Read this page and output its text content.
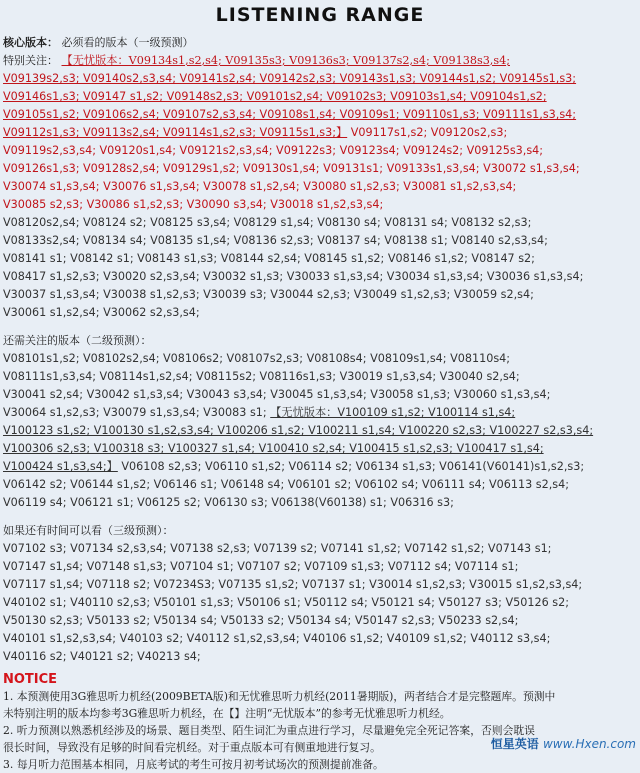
LISTENING RANGE
核心版本： 必须看的版本（一级预测）
特别关注： 【无忧版本：V09134s1,s2,s4; V09135s3; V09136s3; V09137s2,s4; V09138s3,s4;
V09139s2,s3; V09140s2,s3,s4; V09141s2,s4; V09142s2,s3; V09143s1,s3; V09144s1,s2; V09145s1,s3;
V09146s1,s3; V09147 s1,s2; V09148s2,s3; V09101s2,s4; V09102s3; V09103s1,s4; V09104s1,s2;
V09105s1,s2; V09106s2,s4; V09107s2,s3,s4; V09108s1,s4; V09109s1; V09110s1,s3; V09111s1,s3,s4;
V09112s1,s3; V09113s2,s4; V09114s1,s2,s3; V09115s1,s3;】 V09117s1,s2; V09120s2,s3;
V09119s2,s3,s4; V09120s1,s4; V09121s2,s3,s4; V09122s3; V09123s4; V09124s2; V09125s3,s4;
V09126s1,s3; V09128s2,s4; V09129s1,s2; V09130s1,s4; V09131s1; V09133s1,s3,s4; V30072 s1,s3,s4;
V30074 s1,s3,s4; V30076 s1,s3,s4; V30078 s1,s2,s4; V30080 s1,s2,s3; V30081 s1,s2,s3,s4;
V30085 s2,s3; V30086 s1,s2,s3; V30090 s3,s4; V30018 s1,s2,s3,s4;
V08120s2,s4; V08124 s2; V08125 s3,s4; V08129 s1,s4; V08130 s4; V08131 s4; V08132 s2,s3;
V08133s2,s4; V08134 s4; V08135 s1,s4; V08136 s2,s3; V08137 s4; V08138 s1; V08140 s2,s3,s4;
V08141 s1; V08142 s1; V08143 s1,s3; V08144 s2,s4; V08145 s1,s2; V08146 s1,s2; V08147 s2;
V08417 s1,s2,s3; V30020 s2,s3,s4; V30032 s1,s3; V30033 s1,s3,s4; V30034 s1,s3,s4; V30036 s1,s3,s4;
V30037 s1,s3,s4; V30038 s1,s2,s3; V30039 s3; V30044 s2,s3; V30049 s1,s2,s3; V30059 s2,s4;
V30061 s1,s2,s4; V30062 s2,s3,s4;
还需关注的版本（二级预测）：
V08101s1,s2; V08102s2,s4; V08106s2; V08107s2,s3; V08108s4; V08109s1,s4; V08110s4;
V08111s1,s3,s4; V08114s1,s2,s4; V08115s2; V08116s1,s3; V30019 s1,s3,s4; V30040 s2,s4;
V30041 s2,s4; V30042 s1,s3,s4; V30043 s3,s4; V30045 s1,s3,s4; V30058 s1,s3; V30060 s1,s3,s4;
V30064 s1,s2,s3; V30079 s1,s3,s4; V30083 s1; 【无忧版本：V100109 s1,s2; V100114 s1,s4;
V100123 s1,s2; V100130 s1,s2,s3,s4; V100206 s1,s2; V100211 s1,s4; V100220 s2,s3; V100227 s2,s3,s4;
V100306 s2,s3; V100318 s3; V100327 s1,s4; V100410 s2,s4; V100415 s1,s2,s3; V100417 s1,s4;
V100424 s1,s3,s4;】 V06108 s2,s3; V06110 s1,s2; V06114 s2; V06134 s1,s3; V06141(V60141)s1,s2,s3;
V06142 s2; V06144 s1,s2; V06146 s1; V06148 s4; V06101 s2; V06102 s4; V06111 s4; V06113 s2,s4;
V06119 s4; V06121 s1; V06125 s2; V06130 s3; V06138(V60138) s1; V06316 s3;
如果还有时间可以看（三级预测）：
V07102 s3; V07134 s2,s3,s4; V07138 s2,s3; V07139 s2; V07141 s1,s2; V07142 s1,s2; V07143 s1;
V07147 s1,s4; V07148 s1,s3; V07104 s1; V07107 s2; V07109 s1,s3; V07112 s4; V07114 s1;
V07117 s1,s4; V07118 s2; V07234S3; V07135 s1,s2; V07137 s1; V30014 s1,s2,s3; V30015 s1,s2,s3,s4;
V40102 s1; V40110 s2,s3; V50101 s1,s3; V50106 s1; V50112 s4; V50121 s4; V50127 s3; V50126 s2;
V50130 s2,s3; V50133 s2; V50134 s4; V50133 s2; V50134 s4; V50147 s2,s3; V50233 s2,s4;
V40101 s1,s2,s3,s4; V40103 s2; V40112 s1,s2,s3,s4; V40106 s1,s2; V40109 s1,s2; V40112 s3,s4;
V40116 s2; V40121 s2; V40213 s4;
NOTICE
1. 本预测使用3G雅思听力机经(2009BETA版)和无忧雅思听力机经(2011暑期版)，两者结合才是完整题库。预测中
未特别注明的版本均参考3G雅思听力机经，在【】注明“无忧版本”的参考无忧雅思听力机经。
2. 听力预测以熟悉机经涉及的场景、题目类型、陌生词汇为重点进行学习，尽量避免完全死记答案，否则会耽误
很长时间，导致没有足够的时间看完机经。对于重点版本可有侧重地进行复习。
3. 每月听力范围基本相同，月底考试的考生可按月初考试场次的预测提前准备。
恒星英语 www.Hxen.com
